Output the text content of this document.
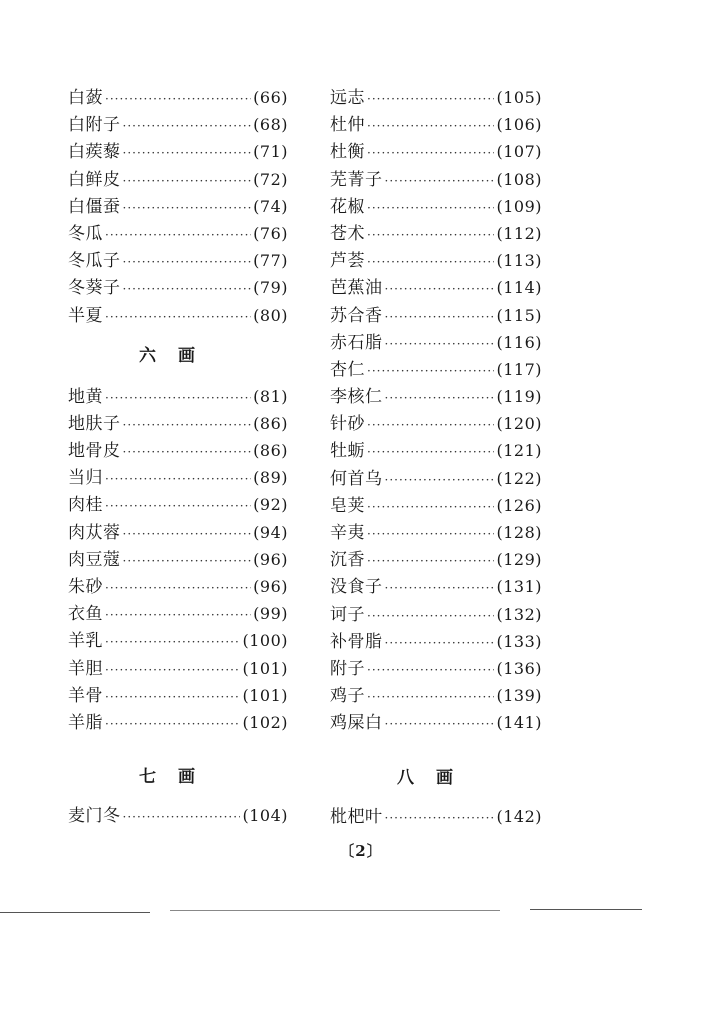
白蔹 ·····	(66)
白附子 ·····	(68)
白蒺藜 ·····	(71)
白鲜皮 ·····	(72)
白僵蚕 ·····	(74)
冬瓜 ·····	(76)
冬瓜子 ·····	(77)
冬葵子 ·····	(79)
半夏 ·····	(80)
六画
地黄 ·····	(81)
地肤子 ·····	(86)
地骨皮 ·····	(86)
当归 ·····	(89)
肉桂 ·····	(92)
肉苁蓉 ·····	(94)
肉豆蔻 ·····	(96)
朱砂 ·····	(96)
衣鱼 ·····	(99)
羊乳 ·····	(100)
羊胆 ·····	(101)
羊骨 ·····	(101)
羊脂 ·····	(102)
七画
麦门冬 ·····	(104)
远志 ·····	(105)
杜仲 ·····	(106)
杜衡 ·····	(107)
芜菁子 ·····	(108)
花椒 ·····	(109)
苍术 ·····	(112)
芦荟 ·····	(113)
芭蕉油 ·····	(114)
苏合香 ·····	(115)
赤石脂 ·····	(116)
杏仁 ·····	(117)
李核仁 ·····	(119)
针砂 ·····	(120)
牡蛎 ·····	(121)
何首乌 ·····	(122)
皂荚 ·····	(126)
辛夷 ·····	(128)
沉香 ·····	(129)
没食子 ·····	(131)
诃子 ·····	(132)
补骨脂 ·····	(133)
附子 ·····	(136)
鸡子 ·····	(139)
鸡屎白 ·····	(141)
八画
枇杷叶 ·····	(142)
〔2〕
